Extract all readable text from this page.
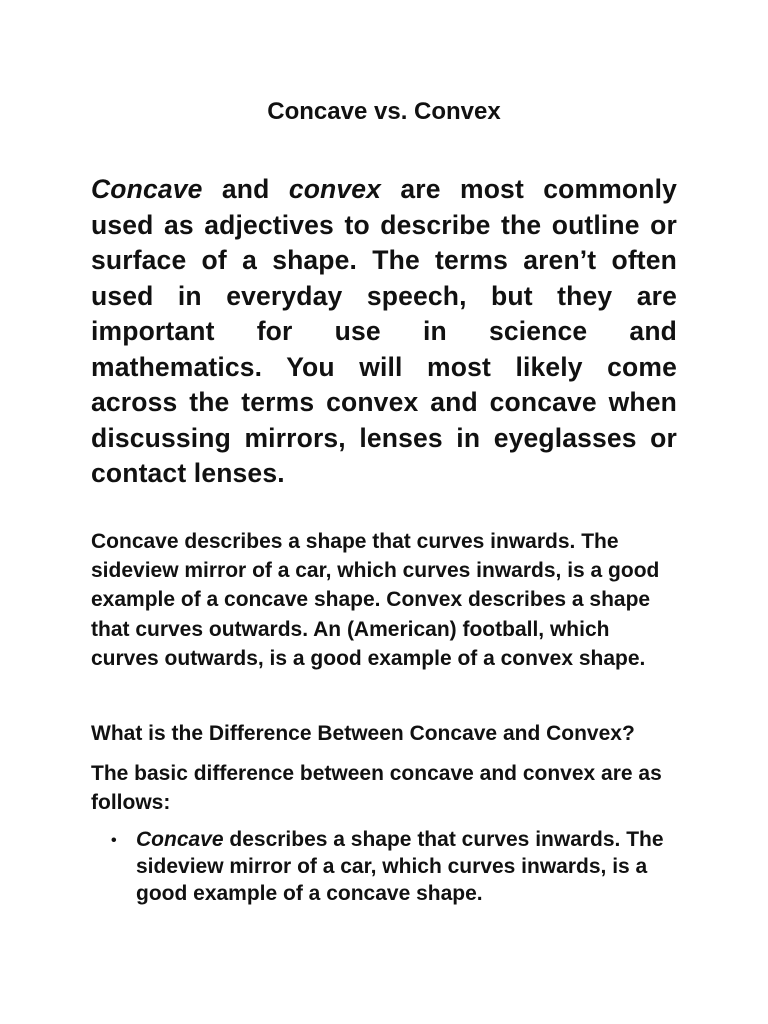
Concave vs. Convex

Concave and convex are most commonly used as adjectives to describe the outline or surface of a shape. The terms aren’t often used in everyday speech, but they are important for use in science and mathematics. You will most likely come across the terms convex and concave when discussing mirrors, lenses in eyeglasses or contact lenses.

Concave describes a shape that curves inwards. The sideview mirror of a car, which curves inwards, is a good example of a concave shape. Convex describes a shape that curves outwards. An (American) football, which curves outwards, is a good example of a convex shape.

What is the Difference Between Concave and Convex?

The basic difference between concave and convex are as follows:

• Concave describes a shape that curves inwards. The sideview mirror of a car, which curves inwards, is a good example of a concave shape.
